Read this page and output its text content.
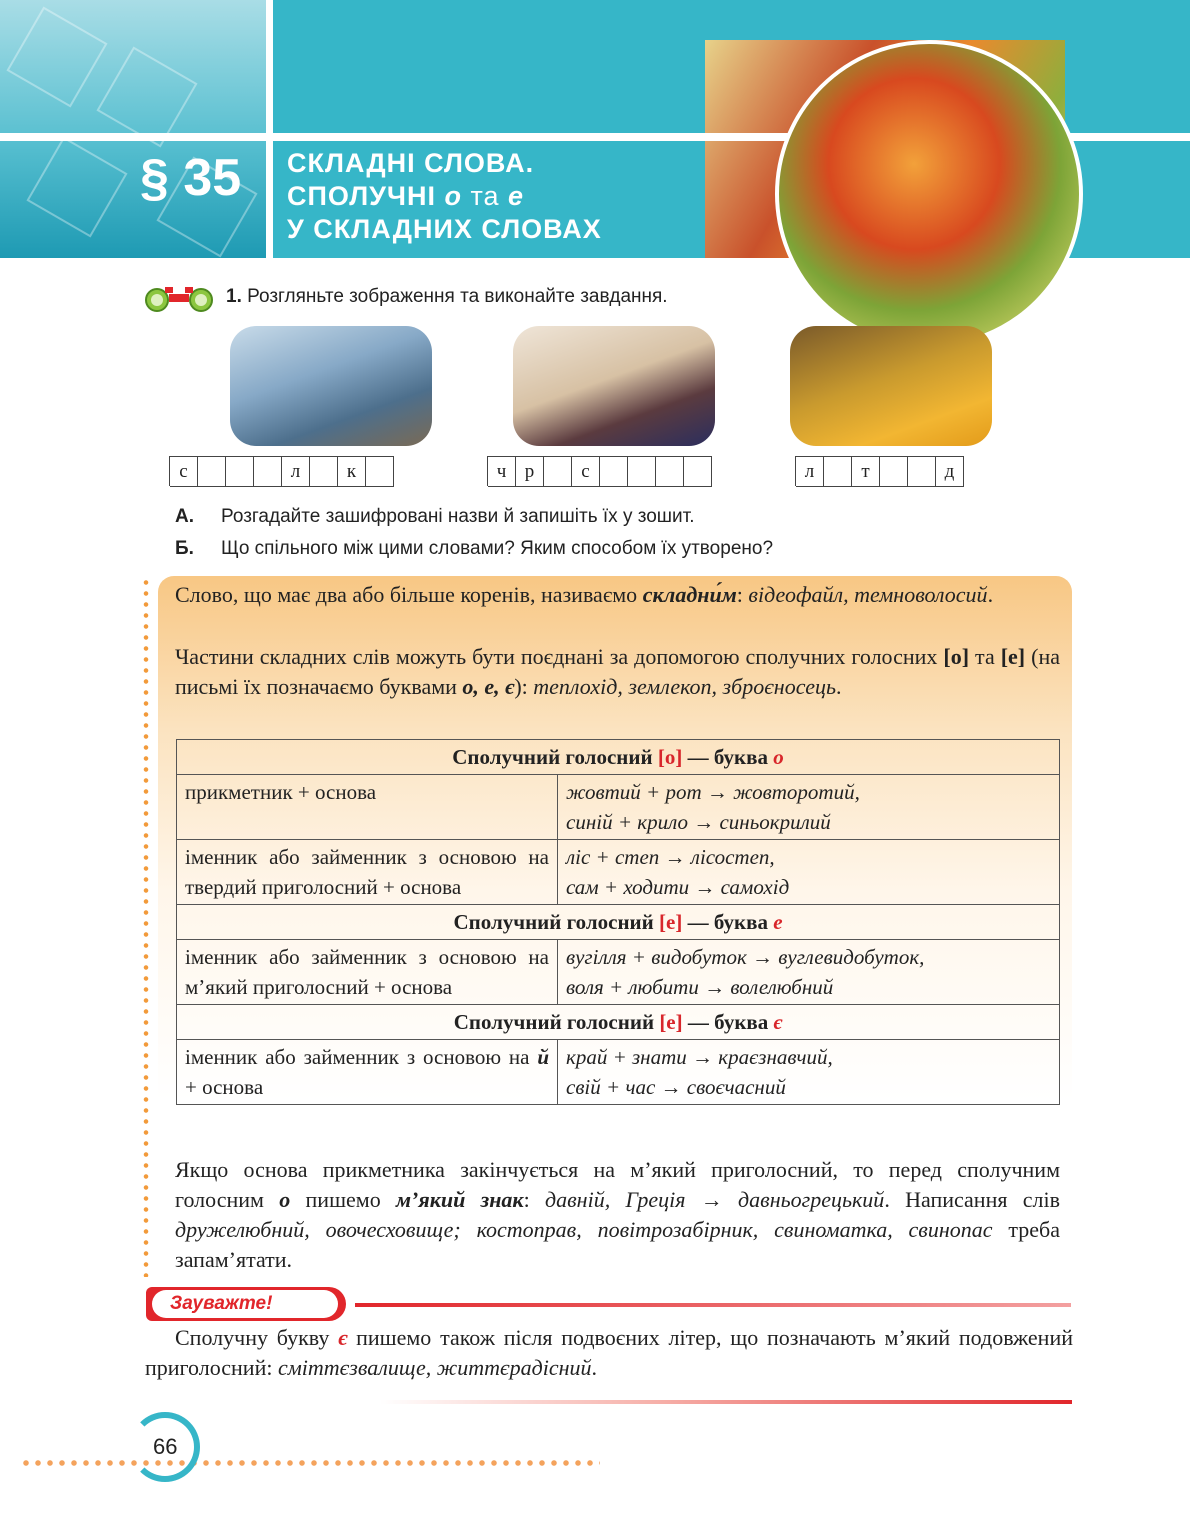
§ 35 СКЛАДНІ СЛОВА.
СПОЛУЧНІ о та е
У СКЛАДНИХ СЛОВАХ
1. Розгляньте зображення та виконайте завдання.
с	л	к	ч р	с	л	т	д
А. Розгадайте зашифровані назви й запишіть їх у зошит.
Б. Що спільного між цими словами? Яким способом їх утворено?
Слово, що має два або більше коренів, називаємо складни́м: відеофайл, темноволосий.
Частини складних слів можуть бути поєднані за допомогою сполучних голосних [о] та [е] (на письмі їх позначаємо буквами о, е, є): теплохід, землекоп, зброєносець.
Сполучний голосний [о] — буква о	
прикметник + основа	жовтий + рот → жовторотий,
синій + крило → синьокрилий

іменник або займенник з основою на твердий приголосний + основа	ліс + степ → лісостеп,
сам + ходити → самохід

Сполучний голосний [е] — буква е	
іменник або займенник з основою на м’який приголосний + основа	вугілля + видобуток → вуглевидобуток,
воля + любити → волелюбний

Сполучний голосний [е] — буква є	
іменник або займенник з основою на й + основа	край + знати → краєзнавчий,
свій + час → своєчасний
Якщо основа прикметника закінчується на м’який приголосний, то перед сполучним голосним о пишемо м’який знак: давній, Греція → давньогрецький. Написання слів дружелюбний, овочесховище; костоправ, повітрозабірник, свиноматка, свинопас треба запам’ятати.
Зауважте!
Сполучну букву є пишемо також після подвоєних літер, що позначають м’який подовжений приголосний: сміттєзвалище, життєрадісний.
66
